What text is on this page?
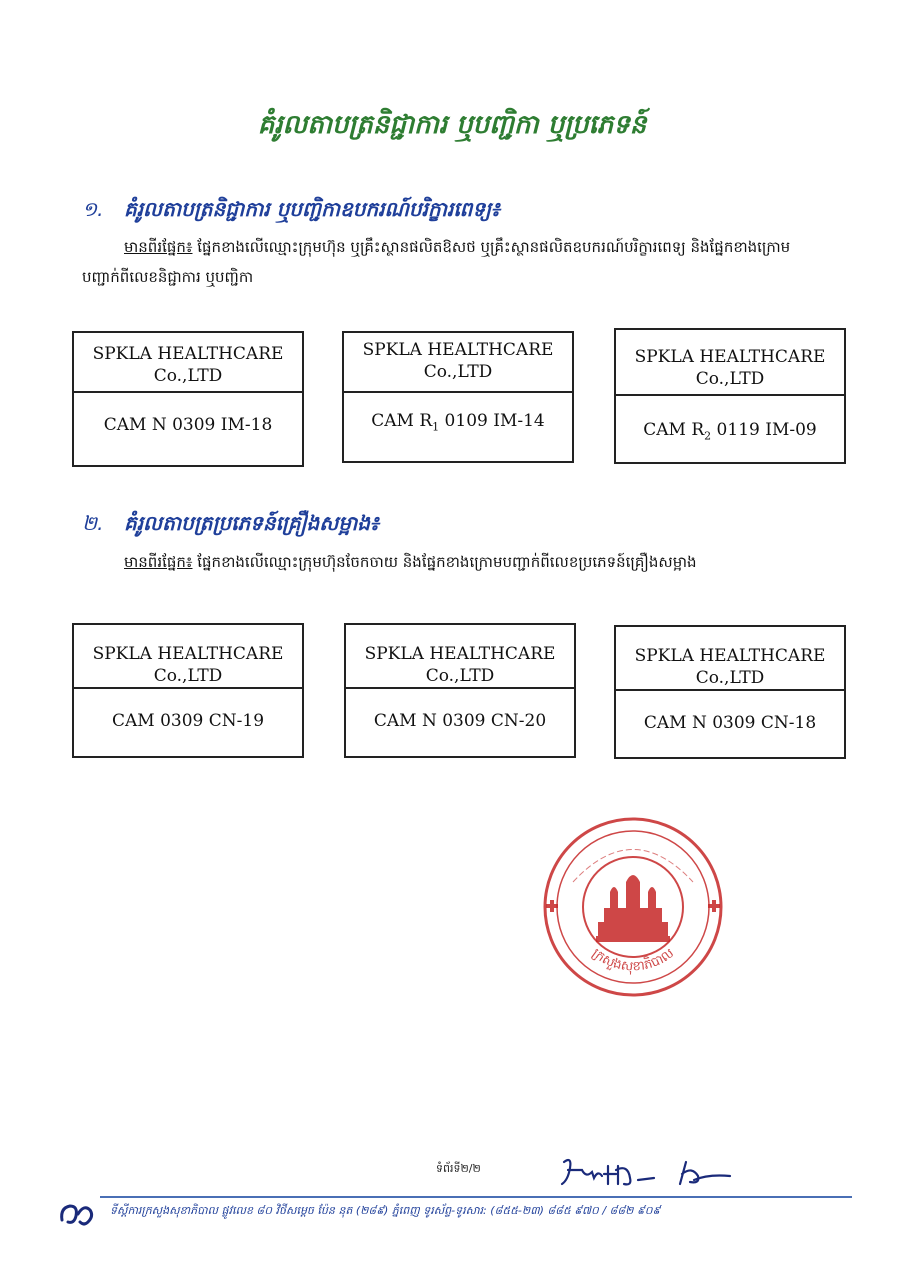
គំរូលតាបត្រនិជ្ជាការ ឬបញ្ជិកា ឬប្រភេទន៍
១. គំរូលតាបត្រនិជ្ជាការ ឬបញ្ជិកាឧបករណ៍បរិក្ខារពេទ្យ៖
មានពីរផ្នែក៖ ផ្នែកខាងលើឈ្មោះក្រុមហ៊ុន ឬគ្រឹះស្ថានផលិតឱសថ ឬគ្រឹះស្ថានផលិតឧបករណ៍បរិក្ខារពេទ្យ និងផ្នែកខាងក្រោមបញ្ជាក់ពីលេខនិជ្ជាការ ឬបញ្ជិកា
SPKLA HEALTHCARE
Co.,LTD
CAM N 0309 IM-18
SPKLA HEALTHCARE
Co.,LTD
CAM $R_1$ 0109 IM-14
SPKLA HEALTHCARE
Co.,LTD
CAM $R_2$ 0119 IM-09
២. គំរូលតាបត្រប្រភេទន៍គ្រឿងសម្អាង៖
មានពីរផ្នែក៖ ផ្នែកខាងលើឈ្មោះក្រុមហ៊ុនចែកចាយ និងផ្នែកខាងក្រោមបញ្ជាក់ពីលេខប្រភេទន៍គ្រឿងសម្អាង
SPKLA HEALTHCARE
Co.,LTD
CAM 0309 CN-19
SPKLA HEALTHCARE
Co.,LTD
CAM N 0309 CN-20
SPKLA HEALTHCARE
Co.,LTD
CAM N 0309 CN-18
ក្រសួងសុខាភិបាល
ទំព័រទី២/២
ទីស្តីការក្រសួងសុខាភិបាល ផ្លូវលេខ ៨០ វិថីសម្តេច ប៉ែន នុត (២៨៩) ភ្នំពេញ ទូរស័ព្ទ-ទូរសារ: (៨៥៥-២៣) ៨៨៥ ៩៧០ / ៨៨២ ៩០៩
